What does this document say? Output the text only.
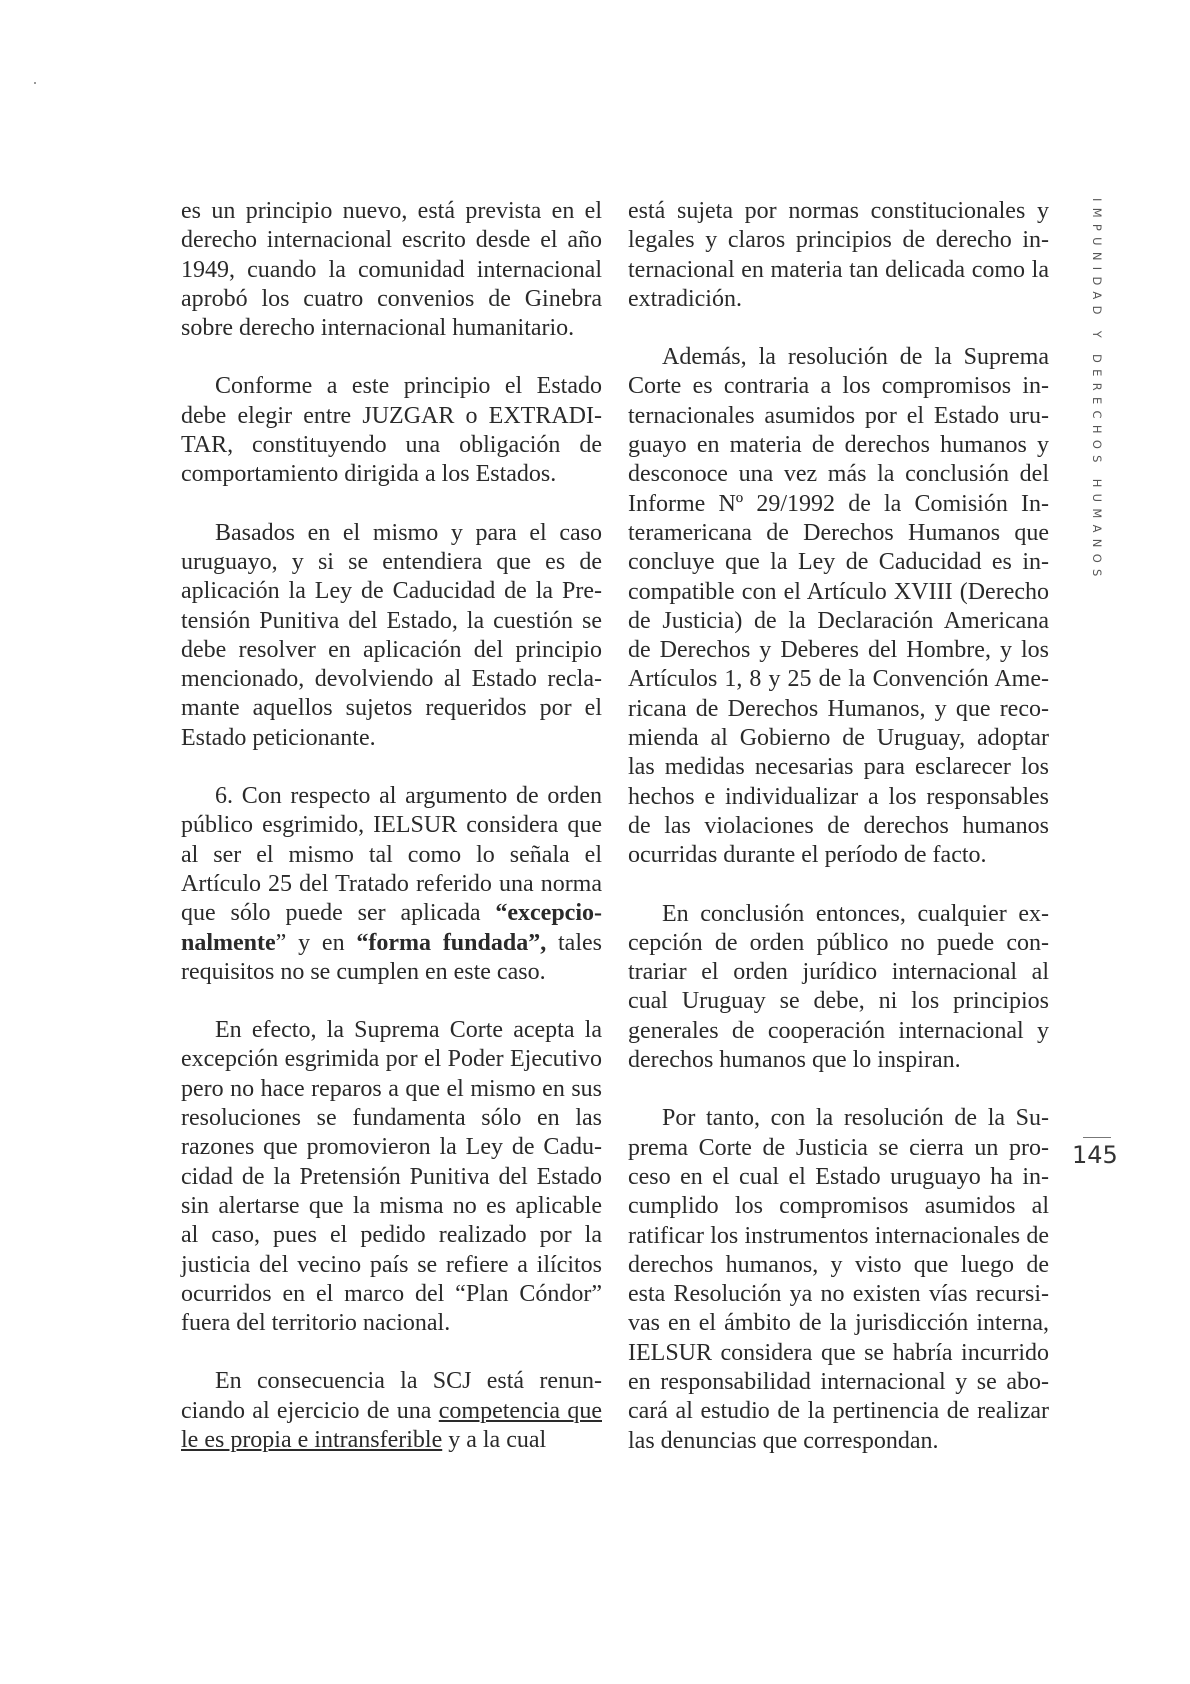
es un principio nuevo, está prevista en el derecho internacional escrito desde el año 1949, cuando la comunidad internacional aprobó los cuatro convenios de Ginebra sobre derecho internacional humanitario.

Conforme a este principio el Estado debe elegir entre JUZGAR o EXTRADITAR, constituyendo una obligación de comportamiento dirigida a los Estados.

Basados en el mismo y para el caso uruguayo, y si se entendiera que es de aplicación la Ley de Caducidad de la Pretensión Punitiva del Estado, la cuestión se debe resolver en aplicación del principio mencionado, devolviendo al Estado reclamante aquellos sujetos requeridos por el Estado peticionante.

6. Con respecto al argumento de orden público esgrimido, IELSUR considera que al ser el mismo tal como lo señala el Artículo 25 del Tratado referido una norma que sólo puede ser aplicada “excepcionalmente” y en “forma fundada”, tales requisitos no se cumplen en este caso.

En efecto, la Suprema Corte acepta la excepción esgrimida por el Poder Ejecutivo pero no hace reparos a que el mismo en sus resoluciones se fundamenta sólo en las razones que promovieron la Ley de Caducidad de la Pretensión Punitiva del Estado sin alertarse que la misma no es aplicable al caso, pues el pedido realizado por la justicia del vecino país se refiere a ilícitos ocurridos en el marco del “Plan Cóndor” fuera del territorio nacional.

En consecuencia la SCJ está renunciando al ejercicio de una competencia que le es propia e intransferible y a la cual

está sujeta por normas constitucionales y legales y claros principios de derecho internacional en materia tan delicada como la extradición.

Además, la resolución de la Suprema Corte es contraria a los compromisos internacionales asumidos por el Estado uruguayo en materia de derechos humanos y desconoce una vez más la conclusión del Informe Nº 29/1992 de la Comisión Interamericana de Derechos Humanos que concluye que la Ley de Caducidad es incompatible con el Artículo XVIII (Derecho de Justicia) de la Declaración Americana de Derechos y Deberes del Hombre, y los Artículos 1, 8 y 25 de la Convención Americana de Derechos Humanos, y que recomienda al Gobierno de Uruguay, adoptar las medidas necesarias para esclarecer los hechos e individualizar a los responsables de las violaciones de derechos humanos ocurridas durante el período de facto.

En conclusión entonces, cualquier excepción de orden público no puede contrariar el orden jurídico internacional al cual Uruguay se debe, ni los principios generales de cooperación internacional y derechos humanos que lo inspiran.

Por tanto, con la resolución de la Suprema Corte de Justicia se cierra un proceso en el cual el Estado uruguayo ha incumplido los compromisos asumidos al ratificar los instrumentos internacionales de derechos humanos, y visto que luego de esta Resolución ya no existen vías recursivas en el ámbito de la jurisdicción interna, IELSUR considera que se habría incurrido en responsabilidad internacional y se abocará al estudio de la pertinencia de realizar las denuncias que correspondan.

IMPUNIDAD Y DERECHOS HUMANOS
145
